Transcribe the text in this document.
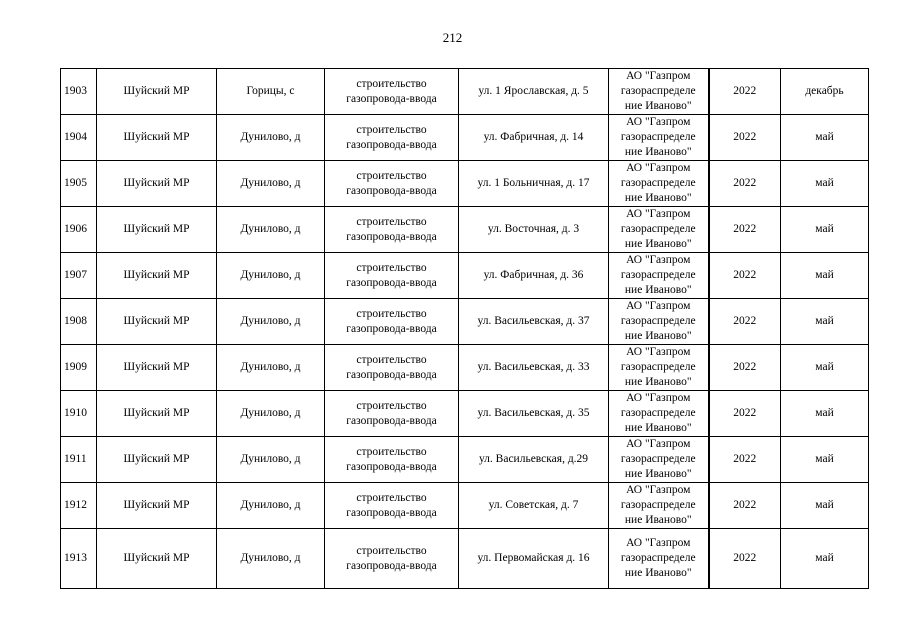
212
1903	Шуйский МР	Горицы, с	строительство газопровода-ввода	ул. 1 Ярославская, д. 5	АО "Газпром газораспределе ние Иваново"	2022	декабрь
1904	Шуйский МР	Дунилово, д	строительство газопровода-ввода	ул. Фабричная, д. 14	АО "Газпром газораспределе ние Иваново"	2022	май
1905	Шуйский МР	Дунилово, д	строительство газопровода-ввода	ул. 1 Больничная, д. 17	АО "Газпром газораспределе ние Иваново"	2022	май
1906	Шуйский МР	Дунилово, д	строительство газопровода-ввода	ул. Восточная, д. 3	АО "Газпром газораспределе ние Иваново"	2022	май
1907	Шуйский МР	Дунилово, д	строительство газопровода-ввода	ул. Фабричная, д. 36	АО "Газпром газораспределе ние Иваново"	2022	май
1908	Шуйский МР	Дунилово, д	строительство газопровода-ввода	ул. Васильевская, д. 37	АО "Газпром газораспределе ние Иваново"	2022	май
1909	Шуйский МР	Дунилово, д	строительство газопровода-ввода	ул. Васильевская, д. 33	АО "Газпром газораспределе ние Иваново"	2022	май
1910	Шуйский МР	Дунилово, д	строительство газопровода-ввода	ул. Васильевская, д. 35	АО "Газпром газораспределе ние Иваново"	2022	май
1911	Шуйский МР	Дунилово, д	строительство газопровода-ввода	ул. Васильевская, д.29	АО "Газпром газораспределе ние Иваново"	2022	май
1912	Шуйский МР	Дунилово, д	строительство газопровода-ввода	ул. Советская, д. 7	АО "Газпром газораспределе ние Иваново"	2022	май
1913	Шуйский МР	Дунилово, д	строительство газопровода-ввода	ул. Первомайская д. 16	АО "Газпром газораспределе ние Иваново"	2022	май
